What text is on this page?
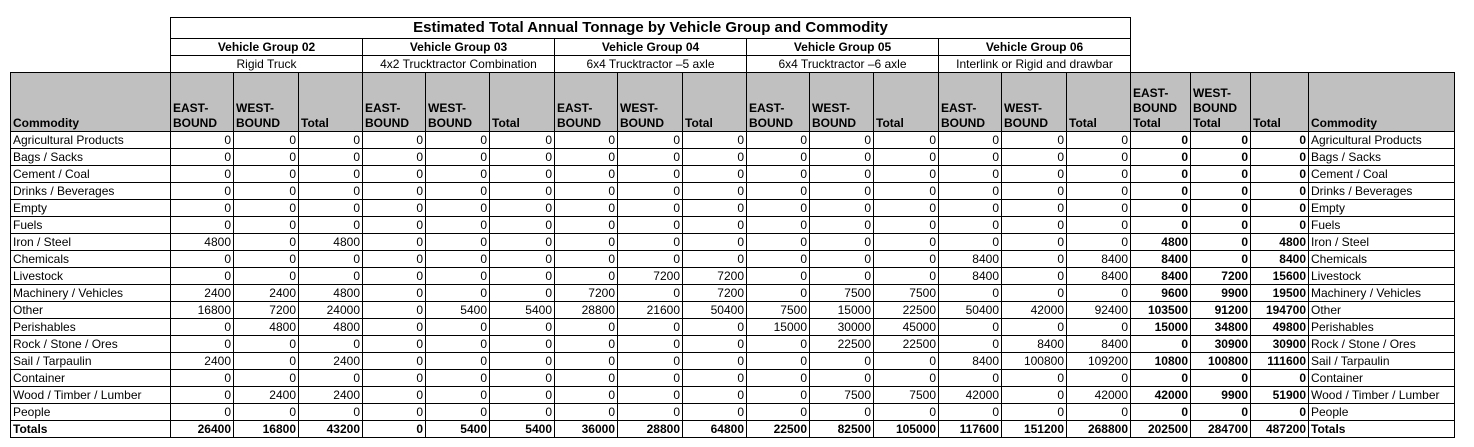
	Estimated Total Annual Tonnage by Vehicle Group and Commodity																		
	Vehicle Group 02			Vehicle Group 03			Vehicle Group 04			Vehicle Group 05			Vehicle Group 06						
	Rigid Truck			4x2 Trucktractor Combination			6x4 Trucktractor –5 axle			6x4 Trucktractor –6 axle			Interlink or Rigid and drawbar						
Commodity	EAST-BOUND	WEST-BOUND	Total	EAST-BOUND	WEST-BOUND	Total	EAST-BOUND	WEST-BOUND	Total	EAST-BOUND	WEST-BOUND	Total	EAST-BOUND	WEST-BOUND	Total	EAST-BOUND Total	WEST-BOUND Total	Total	Commodity
Agricultural Products	0	0	0	0	0	0	0	0	0	0	0	0	0	0	0	0	0	0	Agricultural Products
Bags / Sacks	0	0	0	0	0	0	0	0	0	0	0	0	0	0	0	0	0	0	Bags / Sacks
Cement / Coal	0	0	0	0	0	0	0	0	0	0	0	0	0	0	0	0	0	0	Cement / Coal
Drinks / Beverages	0	0	0	0	0	0	0	0	0	0	0	0	0	0	0	0	0	0	Drinks / Beverages
Empty	0	0	0	0	0	0	0	0	0	0	0	0	0	0	0	0	0	0	Empty
Fuels	0	0	0	0	0	0	0	0	0	0	0	0	0	0	0	0	0	0	Fuels
Iron / Steel	4800	0	4800	0	0	0	0	0	0	0	0	0	0	0	0	4800	0	4800	Iron / Steel
Chemicals	0	0	0	0	0	0	0	0	0	0	0	0	8400	0	8400	8400	0	8400	Chemicals
Livestock	0	0	0	0	0	0	0	7200	7200	0	0	0	8400	0	8400	8400	7200	15600	Livestock
Machinery / Vehicles	2400	2400	4800	0	0	0	7200	0	7200	0	7500	7500	0	0	0	9600	9900	19500	Machinery / Vehicles
Other	16800	7200	24000	0	5400	5400	28800	21600	50400	7500	15000	22500	50400	42000	92400	103500	91200	194700	Other
Perishables	0	4800	4800	0	0	0	0	0	0	15000	30000	45000	0	0	0	15000	34800	49800	Perishables
Rock / Stone / Ores	0	0	0	0	0	0	0	0	0	0	22500	22500	0	8400	8400	0	30900	30900	Rock / Stone / Ores
Sail / Tarpaulin	2400	0	2400	0	0	0	0	0	0	0	0	0	8400	100800	109200	10800	100800	111600	Sail / Tarpaulin
Container	0	0	0	0	0	0	0	0	0	0	0	0	0	0	0	0	0	0	Container
Wood / Timber / Lumber	0	2400	2400	0	0	0	0	0	0	0	7500	7500	42000	0	42000	42000	9900	51900	Wood / Timber / Lumber
People	0	0	0	0	0	0	0	0	0	0	0	0	0	0	0	0	0	0	People
Totals	26400	16800	43200	0	5400	5400	36000	28800	64800	22500	82500	105000	117600	151200	268800	202500	284700	487200	Totals
